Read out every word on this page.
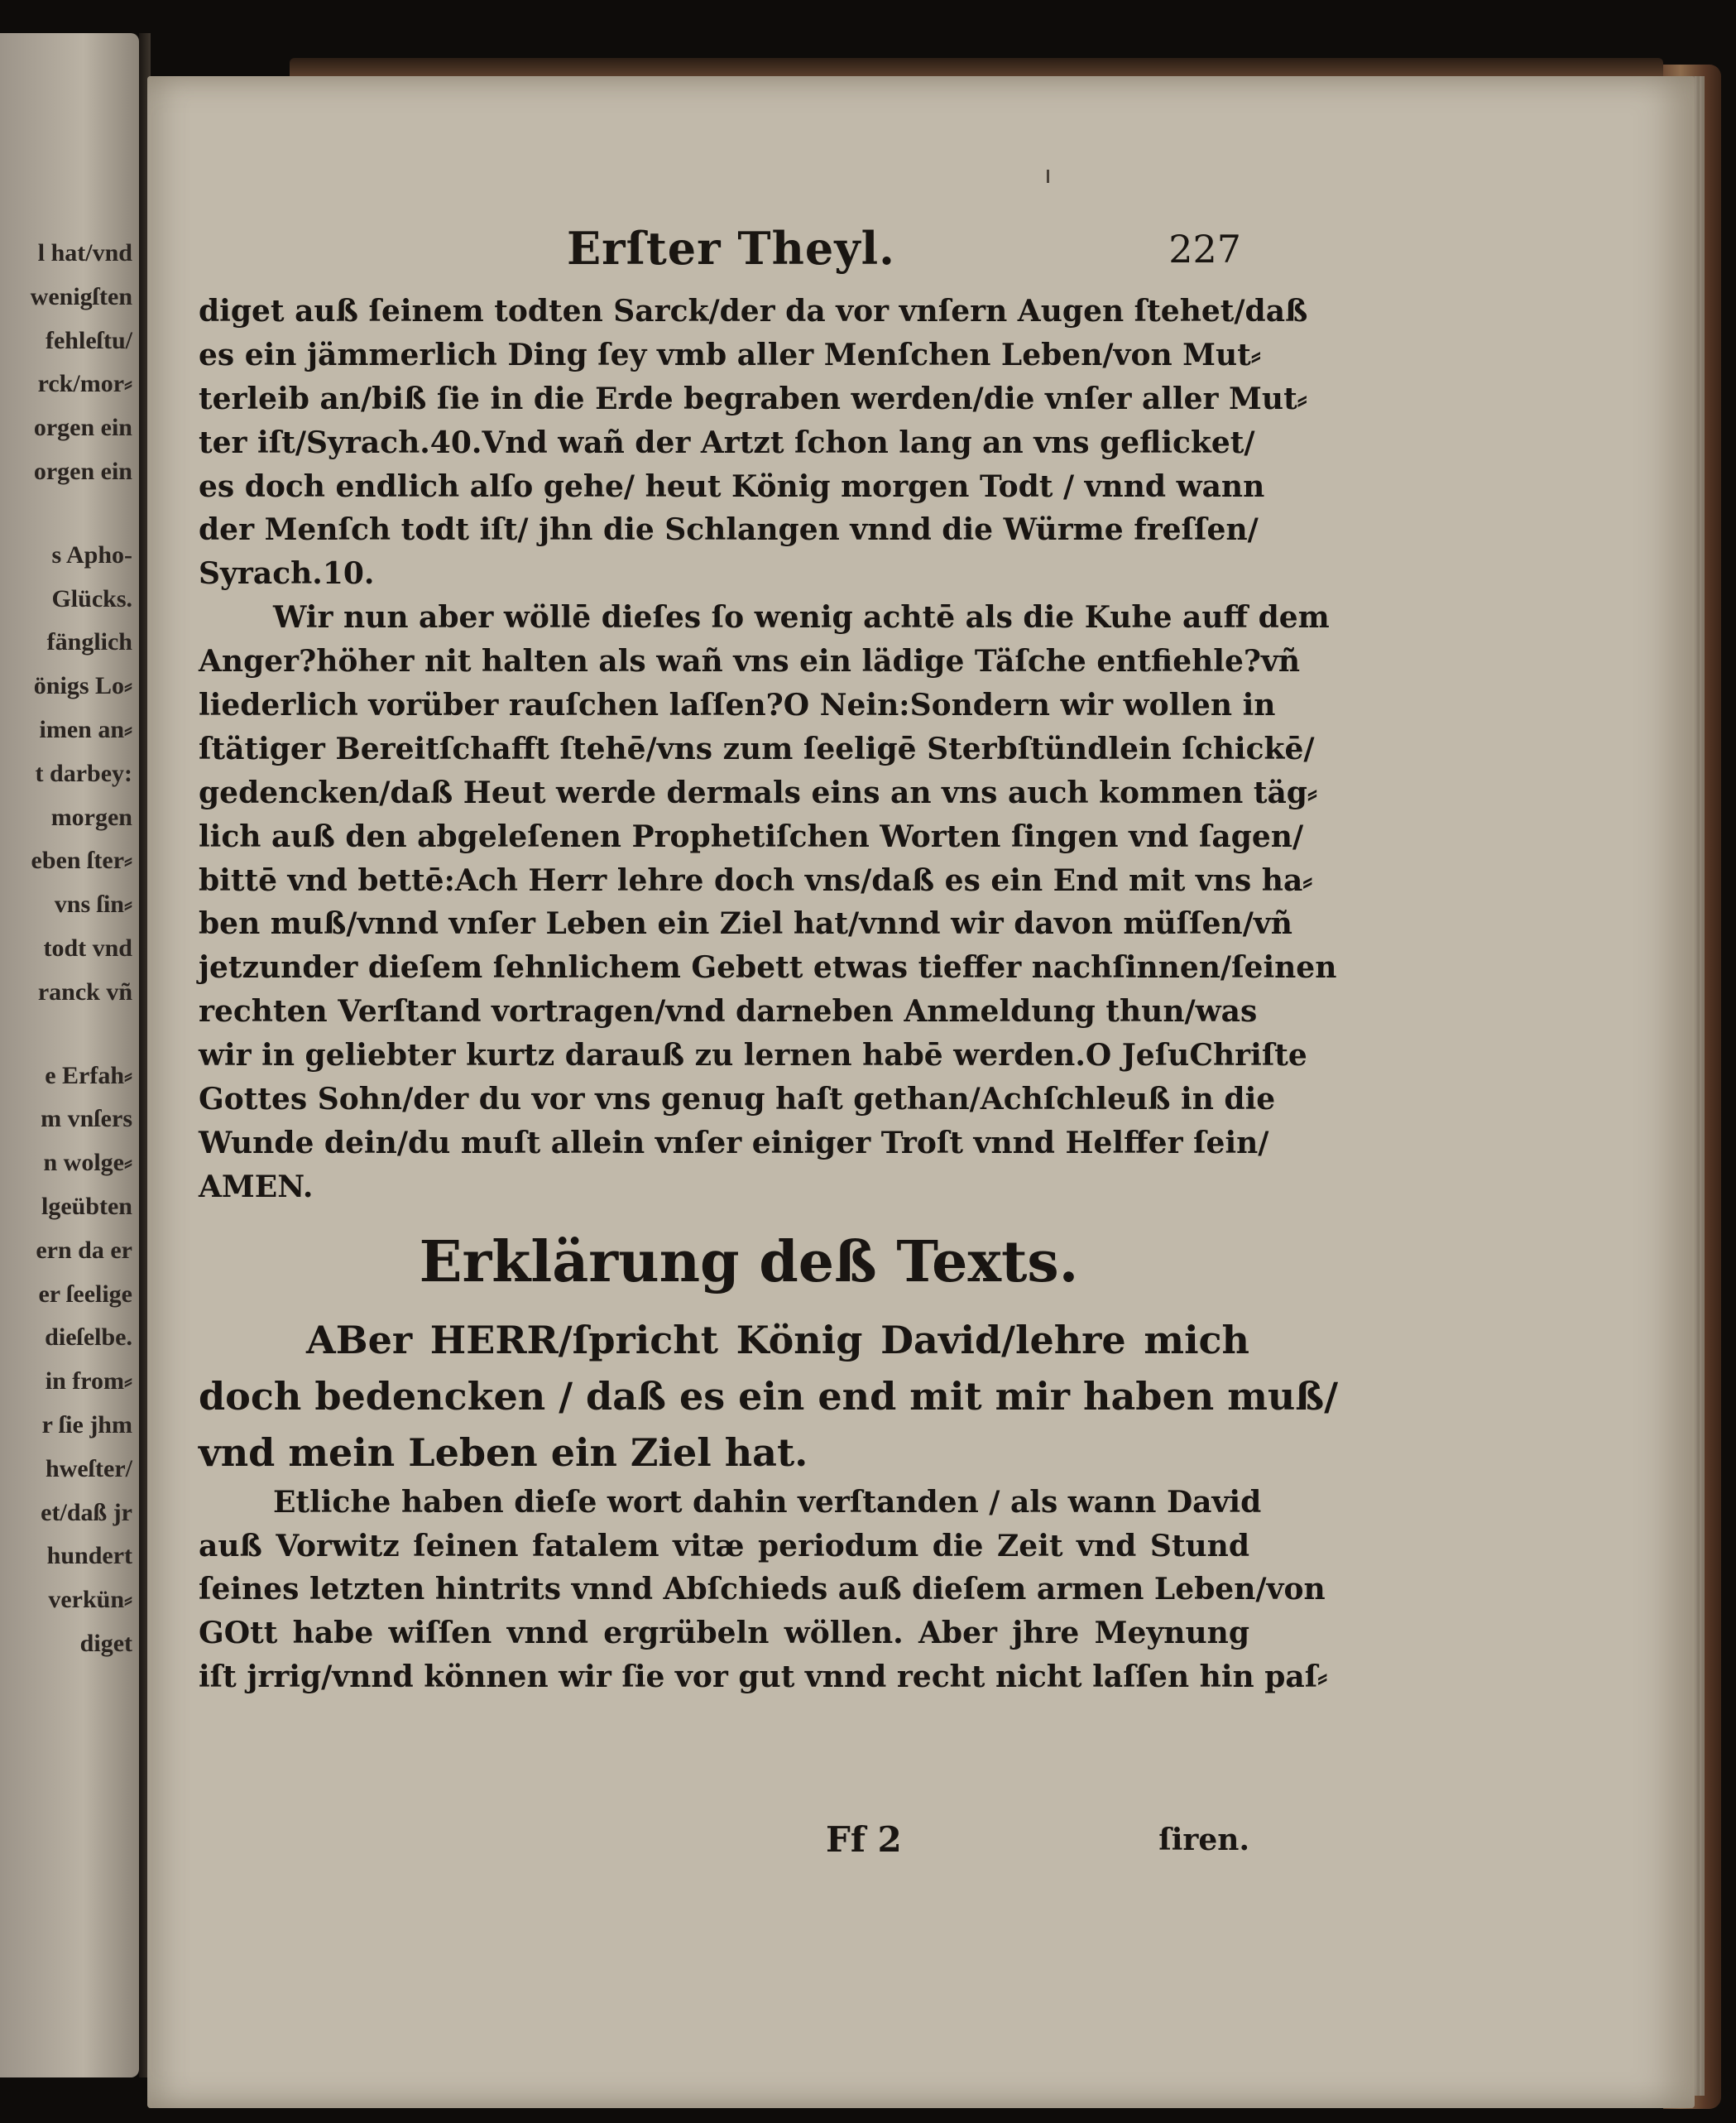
l hat/vnd
wenigſten
fehleſtu/
rck/mor⸗
orgen ein
orgen ein
s Apho-
Glücks.
fänglich
önigs Lo⸗
imen an⸗
t darbey:
morgen
eben ſter⸗
vns ſin⸗
todt vnd
ranck vñ
e Erfah⸗
m vnſers
n wolge⸗
lgeübten
ern da er
er ſeelige
dieſelbe.
in from⸗
r ſie jhm
hweſter/
et/daß jr
hundert
verkün⸗
diget
Erſter Theyl.	227
diget auß ſeinem todten Sarck/der da vor vnſern Augen ſtehet/daß
es ein jämmerlich Ding ſey vmb aller Menſchen Leben/von Mut⸗
terleib an/biß ſie in die Erde begraben werden/die vnſer aller Mut⸗
ter iſt/Syrach.40.Vnd wañ der Artzt ſchon lang an vns geflicket/
es doch endlich alſo gehe/ heut König morgen Todt / vnnd wann
der Menſch todt iſt/ jhn die Schlangen vnnd die Würme freſſen/
Syrach.10.
Wir nun aber wöllē dieſes ſo wenig achtē als die Kuhe auff dem
Anger?höher nit halten als wañ vns ein lädige Täſche entfiehle?vñ
liederlich vorüber rauſchen laſſen?O Nein:Sondern wir wollen in
ſtätiger Bereitſchafft ſtehē/vns zum ſeeligē Sterbſtündlein ſchickē/
gedencken/daß Heut werde dermals eins an vns auch kommen täg⸗
lich auß den abgeleſenen Prophetiſchen Worten ſingen vnd ſagen/
bittē vnd bettē:Ach Herr lehre doch vns/daß es ein End mit vns ha⸗
ben muß/vnnd vnſer Leben ein Ziel hat/vnnd wir davon müſſen/vñ
jetzunder dieſem ſehnlichem Gebett etwas tieffer nachſinnen/ſeinen
rechten Verſtand vortragen/vnd darneben Anmeldung thun/was
wir in geliebter kurtz darauß zu lernen habē werden.O JeſuChriſte
Gottes Sohn/der du vor vns genug haſt gethan/Achſchleuß in die
Wunde dein/du muſt allein vnſer einiger Troſt vnnd Helffer ſein/
AMEN.
Erklärung deß Texts.
ABer HERR/ſpricht König David/lehre mich
doch bedencken / daß es ein end mit mir haben muß/
vnd mein Leben ein Ziel hat.
Etliche haben dieſe wort dahin verſtanden / als wann David
auß Vorwitz ſeinen fatalem vitæ periodum die Zeit vnd Stund
ſeines letzten hintrits vnnd Abſchieds auß dieſem armen Leben/von
GOtt habe wiſſen vnnd ergrübeln wöllen. Aber jhre Meynung
iſt jrrig/vnnd können wir ſie vor gut vnnd recht nicht laſſen hin paſ⸗
Ff 2	ſiren.
